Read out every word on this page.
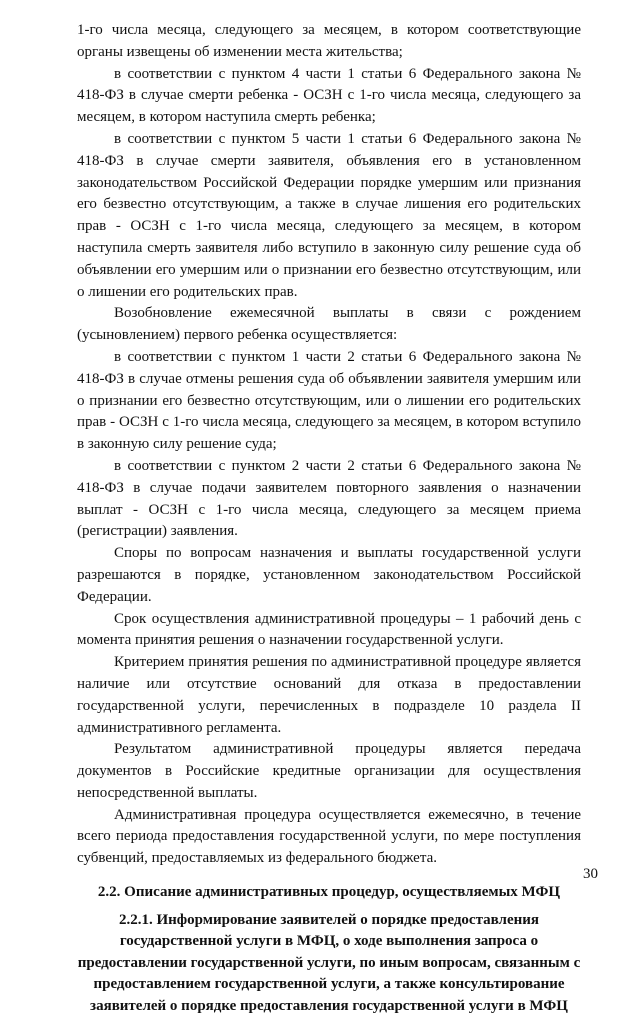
1-го числа месяца, следующего за месяцем, в котором соответствующие органы извещены об изменении места жительства;

в соответствии с пунктом 4 части 1 статьи 6 Федерального закона № 418-ФЗ в случае смерти ребенка - ОСЗН с 1-го числа месяца, следующего за месяцем, в котором наступила смерть ребенка;

в соответствии с пунктом 5 части 1 статьи 6 Федерального закона № 418-ФЗ в случае смерти заявителя, объявления его в установленном законодательством Российской Федерации порядке умершим или признания его безвестно отсутствующим, а также в случае лишения его родительских прав - ОСЗН с 1-го числа месяца, следующего за месяцем, в котором наступила смерть заявителя либо вступило в законную силу решение суда об объявлении его умершим или о признании его безвестно отсутствующим, или о лишении его родительских прав.

Возобновление ежемесячной выплаты в связи с рождением (усыновлением) первого ребенка осуществляется:

в соответствии с пунктом 1 части 2 статьи 6 Федерального закона № 418-ФЗ в случае отмены решения суда об объявлении заявителя умершим или о признании его безвестно отсутствующим, или о лишении его родительских прав - ОСЗН с 1-го числа месяца, следующего за месяцем, в котором вступило в законную силу решение суда;

в соответствии с пунктом 2 части 2 статьи 6 Федерального закона № 418-ФЗ в случае подачи заявителем повторного заявления о назначении выплат - ОСЗН с 1-го числа месяца, следующего за месяцем приема (регистрации) заявления.

Споры по вопросам назначения и выплаты государственной услуги разрешаются в порядке, установленном законодательством Российской Федерации.

Срок осуществления административной процедуры – 1 рабочий день с момента принятия решения о назначении государственной услуги.

Критерием принятия решения по административной процедуре является наличие или отсутствие оснований для отказа в предоставлении государственной услуги, перечисленных в подразделе 10 раздела II административного регламента.

Результатом административной процедуры является передача документов в Российские кредитные организации для осуществления непосредственной выплаты.

Административная процедура осуществляется ежемесячно, в течение всего периода предоставления государственной услуги, по мере поступления субвенций, предоставляемых из федерального бюджета.

2.2. Описание административных процедур, осуществляемых МФЦ

2.2.1. Информирование заявителей о порядке предоставления государственной услуги в МФЦ, о ходе выполнения запроса о предоставлении государственной услуги, по иным вопросам, связанным с предоставлением государственной услуги, а также консультирование заявителей о порядке предоставления государственной услуги в МФЦ

30
